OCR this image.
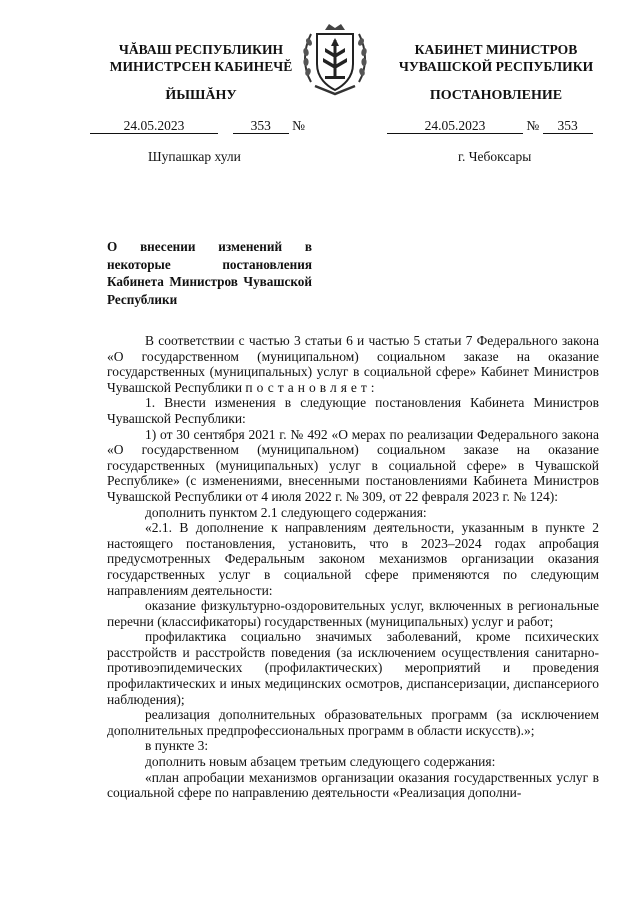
ЧĂВАШ РЕСПУБЛИКИН
МИНИСТРСЕН КАБИНЕЧĔ
ЙЫШĂНУ
КАБИНЕТ МИНИСТРОВ
ЧУВАШСКОЙ РЕСПУБЛИКИ
ПОСТАНОВЛЕНИЕ
24.05.2023	353 №	24.05.2023	№ 353
Шупашкар хули	г. Чебоксары
О внесении изменений в некоторые постановления Кабинета Министров Чувашской Республики

В соответствии с частью 3 статьи 6 и частью 5 статьи 7 Федерального закона «О государственном (муниципальном) социальном заказе на оказание государственных (муниципальных) услуг в социальной сфере» Кабинет Министров Чувашской Республики постановляет:

1. Внести изменения в следующие постановления Кабинета Министров Чувашской Республики:

1) от 30 сентября 2021 г. № 492 «О мерах по реализации Федерального закона «О государственном (муниципальном) социальном заказе на оказание государственных (муниципальных) услуг в социальной сфере» в Чувашской Республике» (с изменениями, внесенными постановлениями Кабинета Министров Чувашской Республики от 4 июля 2022 г. № 309, от 22 февраля 2023 г. № 124):

дополнить пунктом 2.1 следующего содержания:

«2.1. В дополнение к направлениям деятельности, указанным в пункте 2 настоящего постановления, установить, что в 2023–2024 годах апробация предусмотренных Федеральным законом механизмов организации оказания государственных услуг в социальной сфере применяются по следующим направлениям деятельности:

оказание физкультурно-оздоровительных услуг, включенных в региональные перечни (классификаторы) государственных (муниципальных) услуг и работ;

профилактика социально значимых заболеваний, кроме психических расстройств и расстройств поведения (за исключением осуществления санитарно-противоэпидемических (профилактических) мероприятий и проведения профилактических и иных медицинских осмотров, диспансеризации, диспансериого наблюдения);

реализация дополнительных образовательных программ (за исключением дополнительных предпрофессиональных программ в области искусств).»;

в пункте 3:

дополнить новым абзацем третьим следующего содержания:

«план апробации механизмов организации оказания государственных услуг в социальной сфере по направлению деятельности «Реализация дополни-
